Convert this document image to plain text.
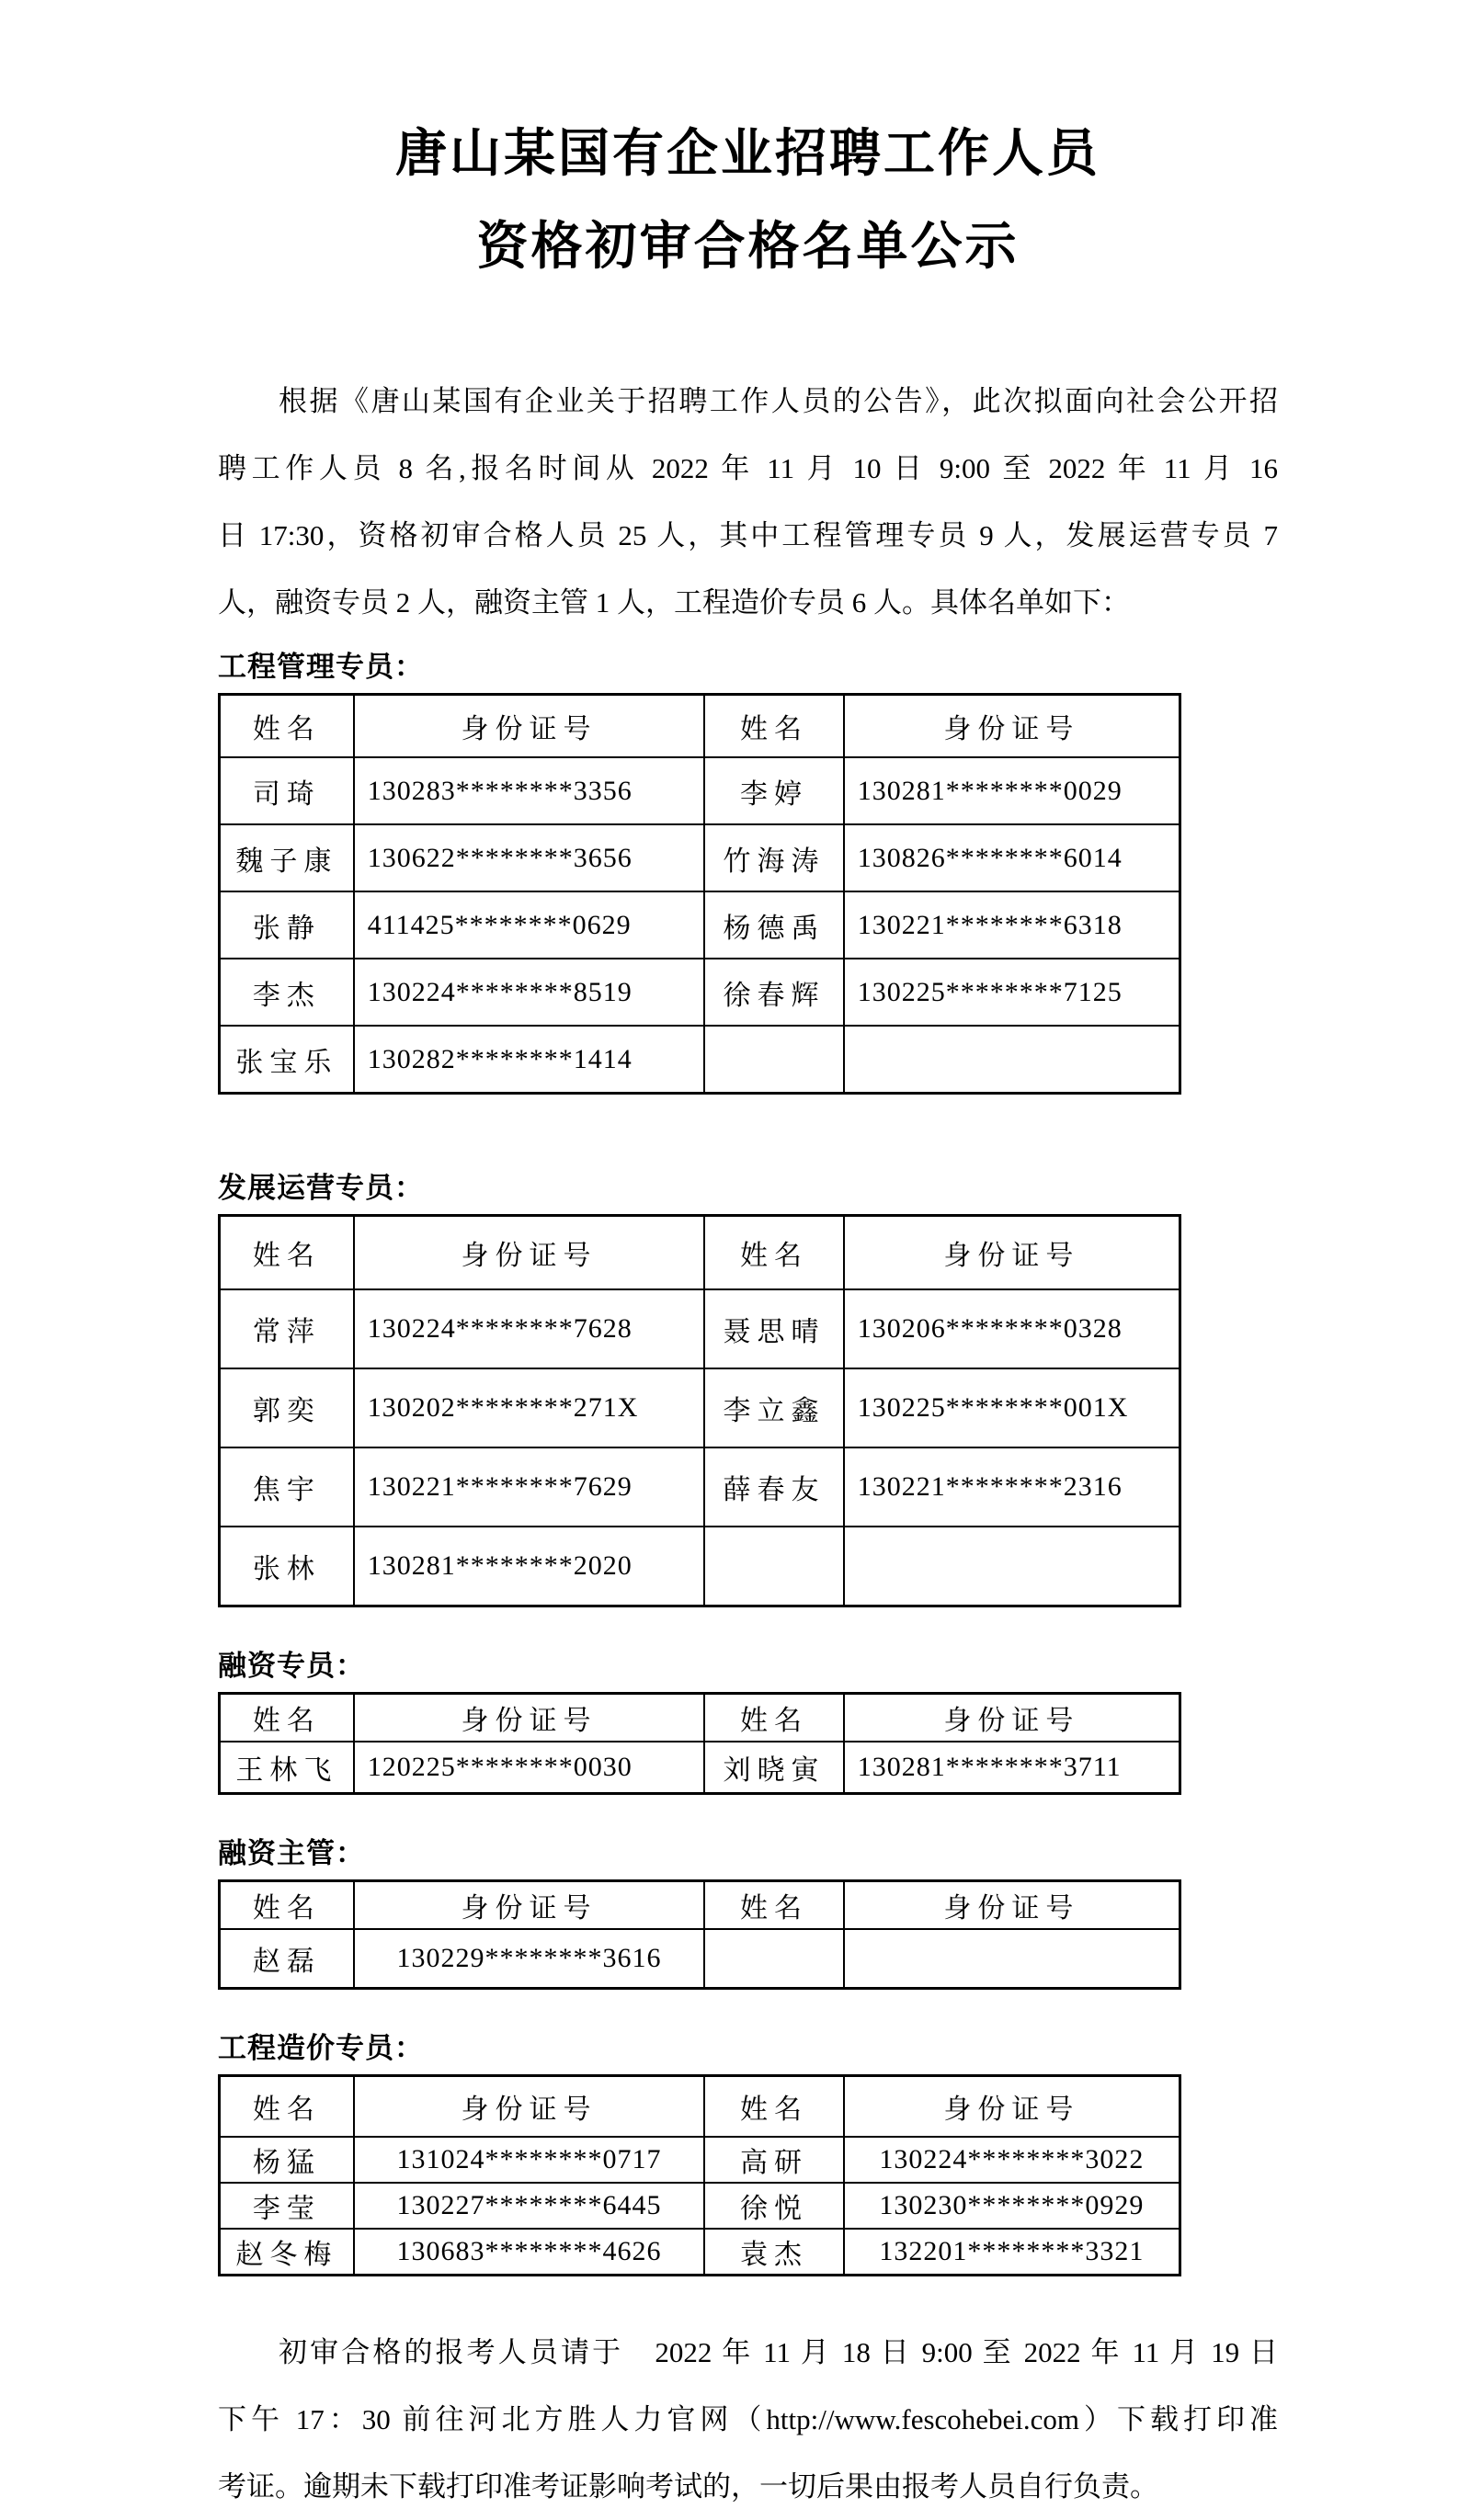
唐山某国有企业招聘工作人员
资格初审合格名单公示
根据《唐山某国有企业关于招聘工作人员的公告》，此次拟面向社会公开招
聘工作人员 8 名,报名时间从 2022 年 11 月 10 日 9:00 至 2022 年 11 月 16
日 17:30，资格初审合格人员 25 人，其中工程管理专员 9 人，发展运营专员 7
人，融资专员 2 人，融资主管 1 人，工程造价专员 6 人。具体名单如下：
工程管理专员：
姓名	身份证号	姓名	身份证号
司琦	130283********3356	李婷	130281********0029
魏子康	130622********3656	竹海涛	130826********6014
张静	411425********0629	杨德禹	130221********6318
李杰	130224********8519	徐春辉	130225********7125
张宝乐	130282********1414		
发展运营专员：
姓名	身份证号	姓名	身份证号
常萍	130224********7628	聂思晴	130206********0328
郭奕	130202********271X	李立鑫	130225********001X
焦宇	130221********7629	薛春友	130221********2316
张林	130281********2020		
融资专员：
姓名	身份证号	姓名	身份证号
王林飞	120225********0030	刘晓寅	130281********3711
融资主管：
姓名	身份证号	姓名	身份证号
赵磊	130229********3616		
工程造价专员：
姓名	身份证号	姓名	身份证号
杨猛	131024********0717	高研	130224********3022
李莹	130227********6445	徐悦	130230********0929
赵冬梅	130683********4626	袁杰	132201********3321
初审合格的报考人员请于　2022 年 11 月 18 日 9:00 至 2022 年 11 月 19 日
下午 17：30 前往河北方胜人力官网（http://www.fescohebei.com）下载打印准
考证。逾期未下载打印准考证影响考试的，一切后果由报考人员自行负责。
